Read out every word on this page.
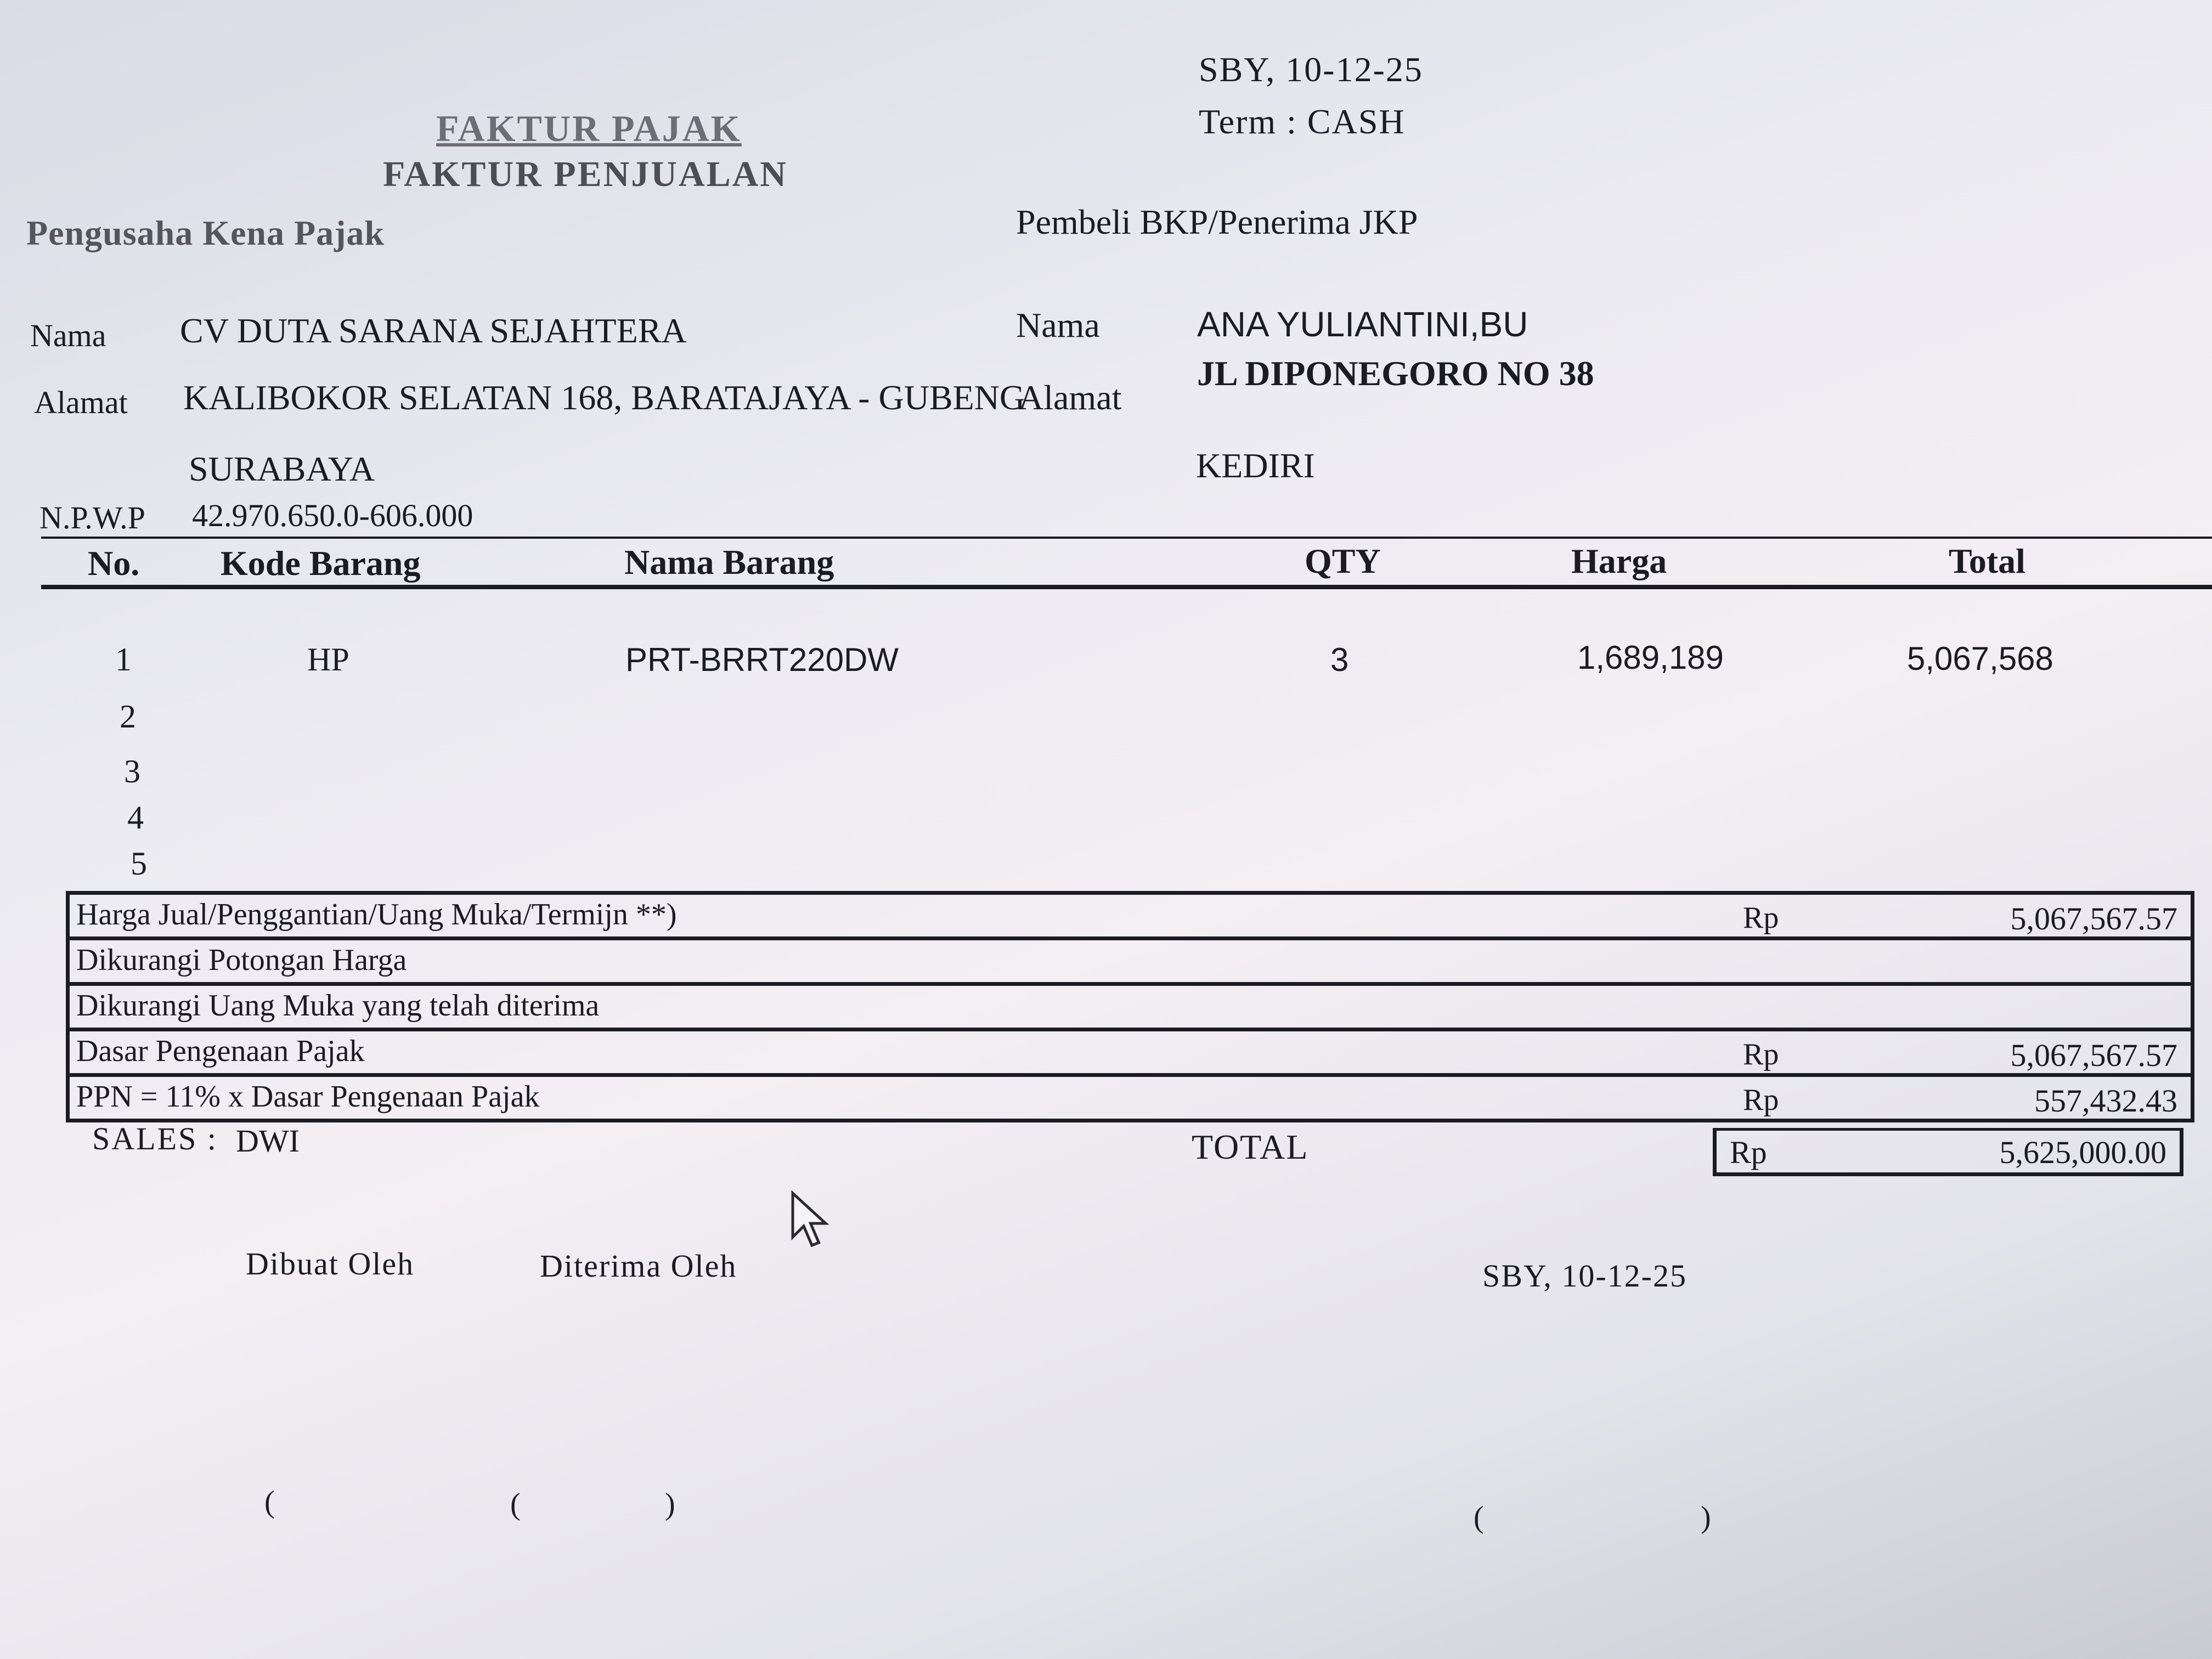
SBY, 10-12-25
Term : CASH
FAKTUR PAJAK
FAKTUR PENJUALAN
Pengusaha Kena Pajak
Nama CV DUTA SARANA SEJAHTERA
Alamat KALIBOKOR SELATAN 168, BARATAJAYA - GUBENG
SURABAYA
N.P.W.P 42.970.650.0-606.000
Pembeli BKP/Penerima JKP
Nama	ANA YULIANTINI,BU
Alamat
JL DIPONEGORO NO 38
KEDIRI
No. Kode Barang	Nama Barang	QTY	Harga	Total
1	HP	PRT-BRRT220DW	3	1,689,189	5,067,568
2
3
4
5
Harga Jual/Penggantian/Uang Muka/Termijn **)	Rp	5,067,567.57
Dikurangi Potongan Harga
Dikurangi Uang Muka yang telah diterima
Dasar Pengenaan Pajak	Rp	5,067,567.57
PPN = 11% x Dasar Pengenaan Pajak	Rp	557,432.43
TOTAL	Rp	5,625,000.00
SALES : DWI
Dibuat Oleh	Diterima Oleh	SBY, 10-12-25
(	(	)	(	)
